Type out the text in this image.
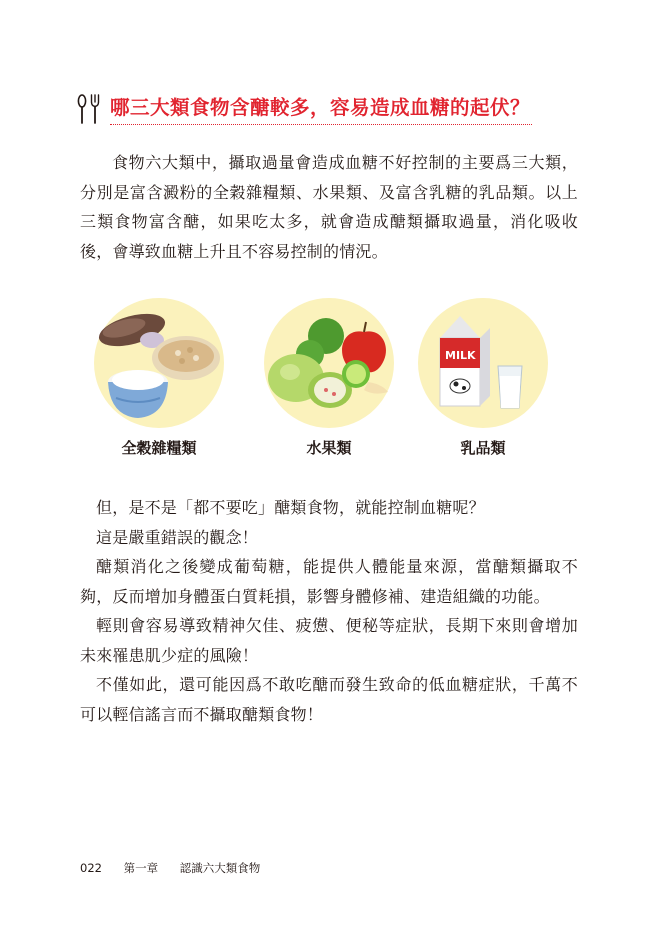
哪三大類食物含醣較多，容易造成血糖的起伏？

食物六大類中，攝取過量會造成血糖不好控制的主要爲三大類，分別是富含澱粉的全穀雜糧類、水果類、及富含乳糖的乳品類。以上三類食物富含醣，如果吃太多，就會造成醣類攝取過量，消化吸收後，會導致血糖上升且不容易控制的情況。

全穀雜糧類	水果類
MILK
乳品類
但，是不是「都不要吃」醣類食物，就能控制血糖呢？
這是嚴重錯誤的觀念！
醣類消化之後變成葡萄糖，能提供人體能量來源，當醣類攝取不夠，反而增加身體蛋白質耗損，影響身體修補、建造組織的功能。
輕則會容易導致精神欠佳、疲憊、便秘等症狀，長期下來則會增加未來罹患肌少症的風險！
不僅如此，還可能因爲不敢吃醣而發生致命的低血糖症狀，千萬不可以輕信謠言而不攝取醣類食物！
022 第一章 認識六大類食物
